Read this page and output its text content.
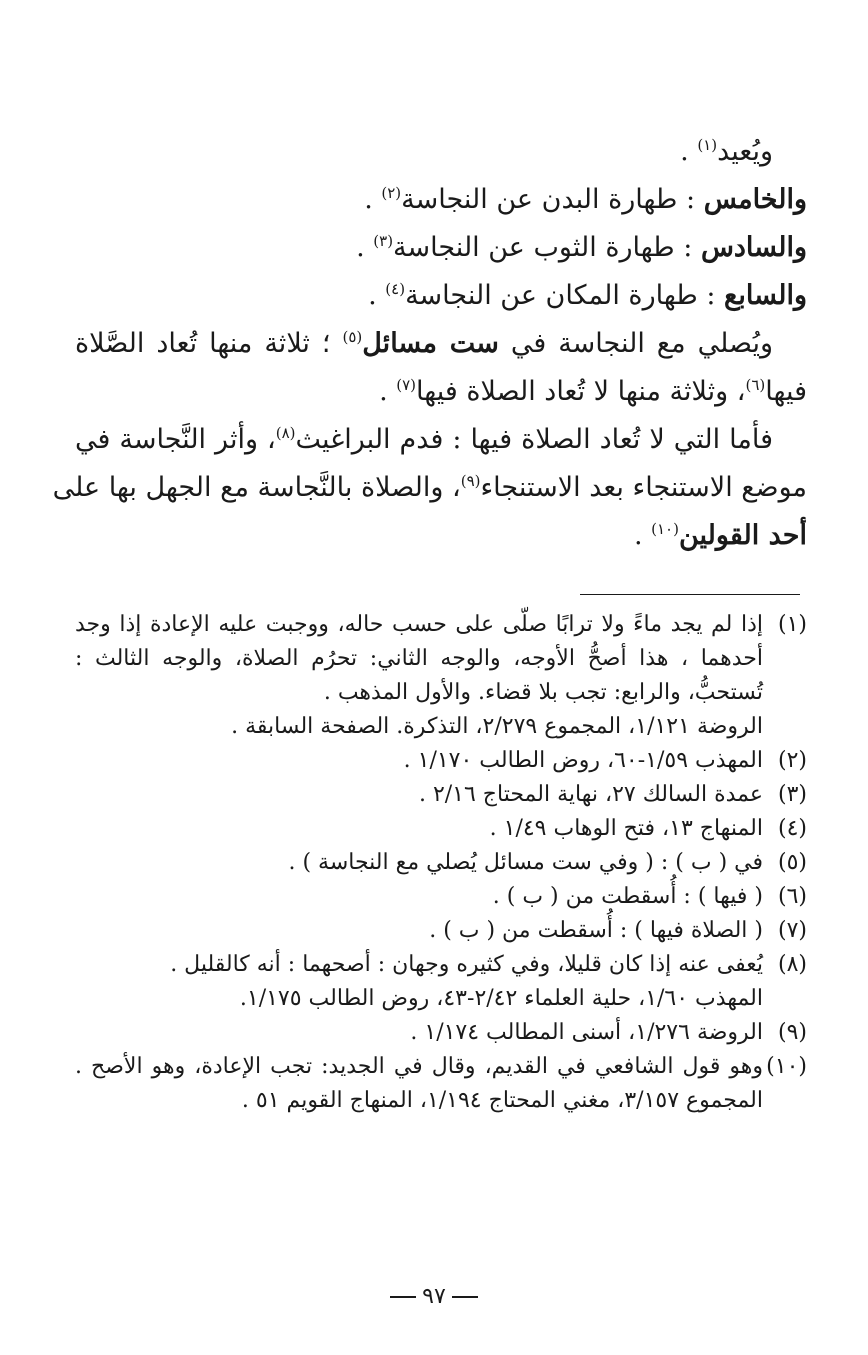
ويُعيد$^{(١)}$ .
والخامس : طهارة البدن عن النجاسة$^{(٢)}$ .
والسادس : طهارة الثوب عن النجاسة$^{(٣)}$ .
والسابع : طهارة المكان عن النجاسة$^{(٤)}$ .
ويُصلي مع النجاسة في ست مسائل$^{(٥)}$ ؛ ثلاثة منها تُعاد الصَّلاة
فيها$^{(٦)}$، وثلاثة منها لا تُعاد الصلاة فيها$^{(٧)}$ .
فأما التي لا تُعاد الصلاة فيها : فدم البراغيث$^{(٨)}$، وأثر النَّجاسة في
موضع الاستنجاء بعد الاستنجاء$^{(٩)}$، والصلاة بالنَّجاسة مع الجهل بها على
أحد القولين$^{(١٠)}$ .
(١)
إذا لم يجد ماءً ولا ترابًا صلّى على حسب حاله، ووجبت عليه الإعادة إذا وجد
أحدهما ، هذا أصحُّ الأوجه، والوجه الثاني: تحرُم الصلاة، والوجه الثالث :
تُستحبُّ، والرابع: تجب بلا قضاء. والأول المذهب .
الروضة ١/١٢١، المجموع ٢/٢٧٩، التذكرة. الصفحة السابقة .
(٢)
المهذب ١/٥٩-٦٠، روض الطالب ١/١٧٠ .
(٣)
عمدة السالك ٢٧، نهاية المحتاج ٢/١٦ .
(٤)
المنهاج ١٣، فتح الوهاب ١/٤٩ .
(٥)
في ( ب ) : ( وفي ست مسائل يُصلي مع النجاسة ) .
(٦)
( فيها ) : أُسقطت من ( ب ) .
(٧)
( الصلاة فيها ) : أُسقطت من ( ب ) .
(٨)
يُعفى عنه إذا كان قليلا، وفي كثيره وجهان : أصحهما : أنه كالقليل .
المهذب ١/٦٠، حلية العلماء ٢/٤٢-٤٣، روض الطالب ١/١٧٥.
(٩)
الروضة ١/٢٧٦، أسنى المطالب ١/١٧٤ .
(١٠)
وهو قول الشافعي في القديم، وقال في الجديد: تجب الإعادة، وهو الأصح .
المجموع ٣/١٥٧، مغني المحتاج ١/١٩٤، المنهاج القويم ٥١ .
٩٧
